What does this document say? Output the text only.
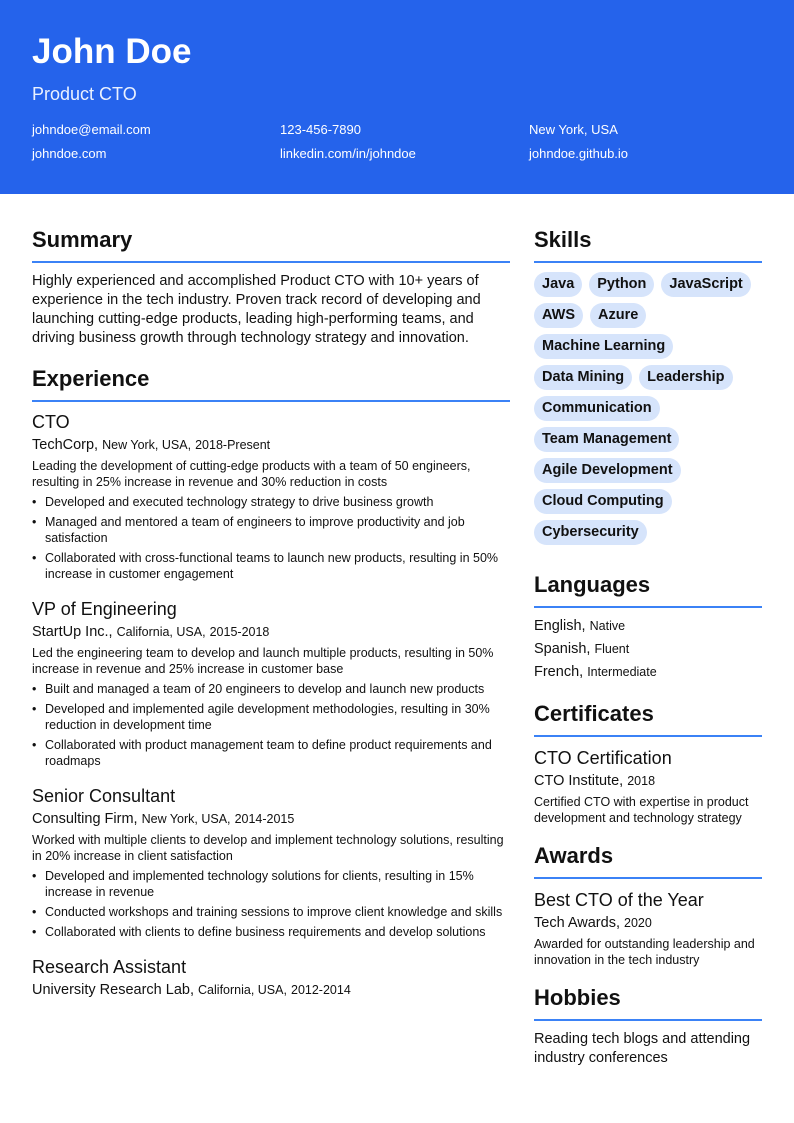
John Doe
Product CTO
johndoe@email.com	123-456-7890	New York, USA
johndoe.com	linkedin.com/in/johndoe	johndoe.github.io
Summary
Highly experienced and accomplished Product CTO with 10+ years of experience in the tech industry. Proven track record of developing and launching cutting-edge products, leading high-performing teams, and driving business growth through technology strategy and innovation.
Experience
CTO
TechCorp, New York, USA, 2018-Present
Leading the development of cutting-edge products with a team of 50 engineers, resulting in 25% increase in revenue and 30% reduction in costs
• Developed and executed technology strategy to drive business growth
• Managed and mentored a team of engineers to improve productivity and job satisfaction
• Collaborated with cross-functional teams to launch new products, resulting in 50% increase in customer engagement
VP of Engineering
StartUp Inc., California, USA, 2015-2018
Led the engineering team to develop and launch multiple products, resulting in 50% increase in revenue and 25% increase in customer base
• Built and managed a team of 20 engineers to develop and launch new products
• Developed and implemented agile development methodologies, resulting in 30% reduction in development time
• Collaborated with product management team to define product requirements and roadmaps
Senior Consultant
Consulting Firm, New York, USA, 2014-2015
Worked with multiple clients to develop and implement technology solutions, resulting in 20% increase in client satisfaction
• Developed and implemented technology solutions for clients, resulting in 15% increase in revenue
• Conducted workshops and training sessions to improve client knowledge and skills
• Collaborated with clients to define business requirements and develop solutions
Research Assistant
University Research Lab, California, USA, 2012-2014
Skills
Java	Python	JavaScript
AWS	Azure
Machine Learning
Data Mining	Leadership
Communication
Team Management
Agile Development
Cloud Computing
Cybersecurity
Languages
English, Native
Spanish, Fluent
French, Intermediate
Certificates
CTO Certification
CTO Institute, 2018
Certified CTO with expertise in product development and technology strategy
Awards
Best CTO of the Year
Tech Awards, 2020
Awarded for outstanding leadership and innovation in the tech industry
Hobbies
Reading tech blogs and attending industry conferences
